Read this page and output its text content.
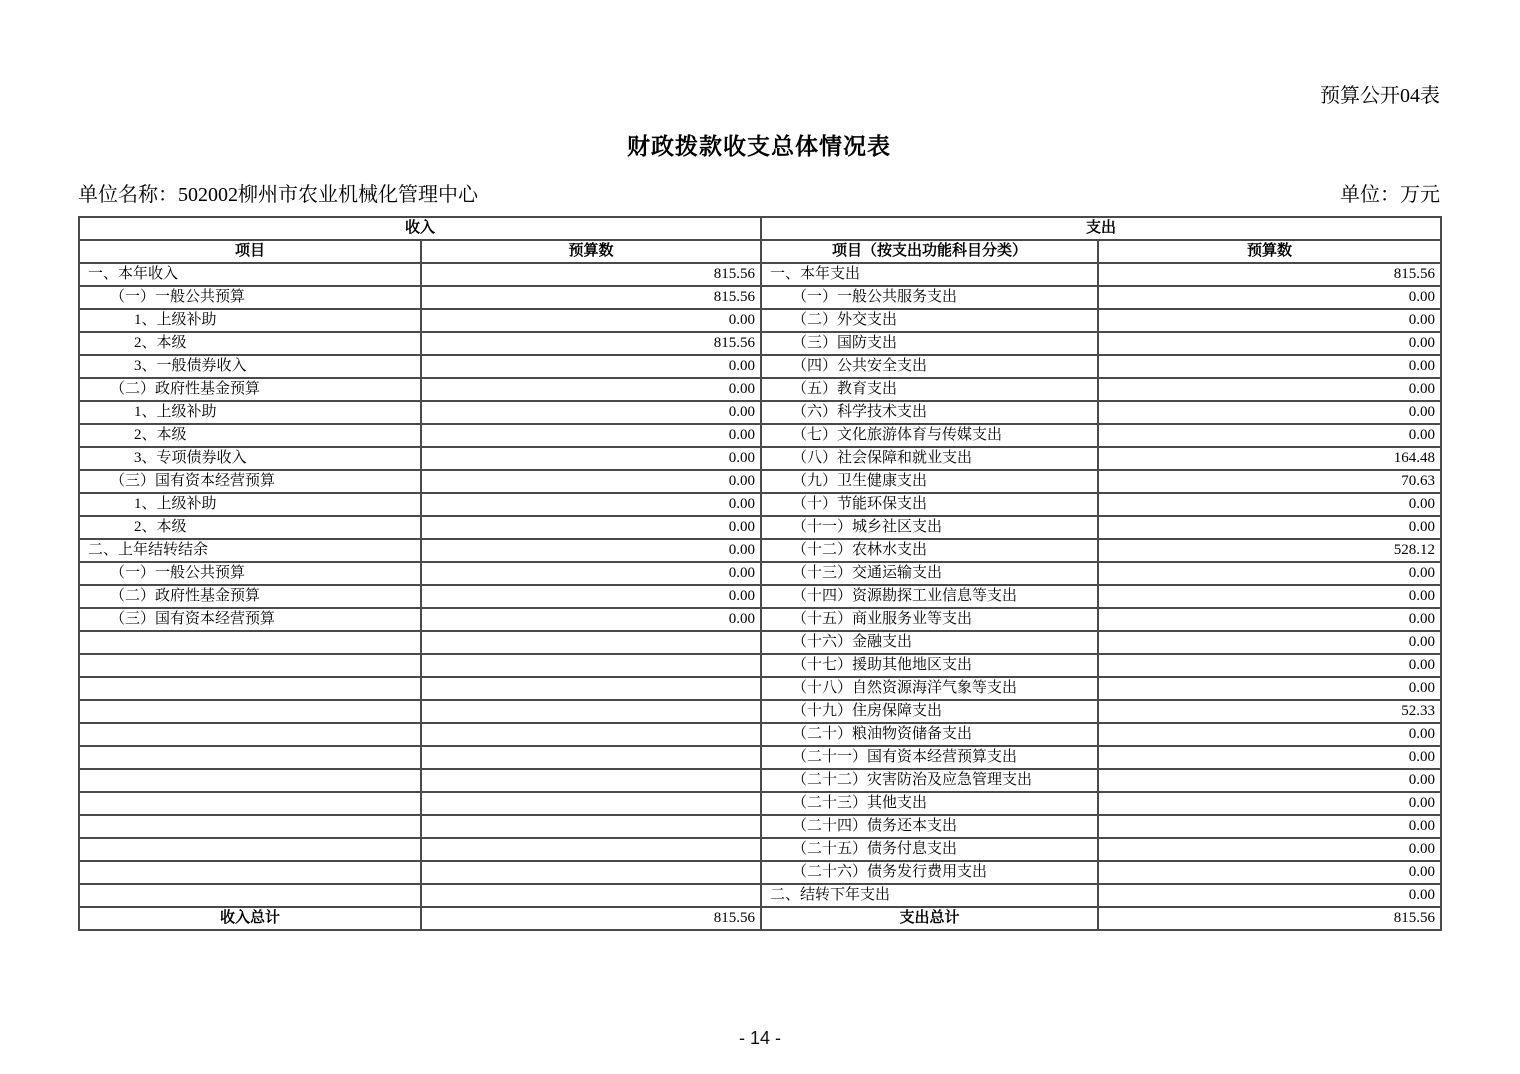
预算公开04表
财政拨款收支总体情况表
单位名称：502002柳州市农业机械化管理中心	单位：万元
收入		支出	
项目	预算数	项目（按支出功能科目分类）	预算数
一、本年收入	815.56	一、本年支出	815.56
（一）一般公共预算	815.56	（一）一般公共服务支出	0.00
1、上级补助	0.00	（二）外交支出	0.00
2、本级	815.56	（三）国防支出	0.00
3、一般债券收入	0.00	（四）公共安全支出	0.00
（二）政府性基金预算	0.00	（五）教育支出	0.00
1、上级补助	0.00	（六）科学技术支出	0.00
2、本级	0.00	（七）文化旅游体育与传媒支出	0.00
3、专项债券收入	0.00	（八）社会保障和就业支出	164.48
（三）国有资本经营预算	0.00	（九）卫生健康支出	70.63
1、上级补助	0.00	（十）节能环保支出	0.00
2、本级	0.00	（十一）城乡社区支出	0.00
二、上年结转结余	0.00	（十二）农林水支出	528.12
（一）一般公共预算	0.00	（十三）交通运输支出	0.00
（二）政府性基金预算	0.00	（十四）资源勘探工业信息等支出	0.00
（三）国有资本经营预算	0.00	（十五）商业服务业等支出	0.00
		（十六）金融支出	0.00
		（十七）援助其他地区支出	0.00
		（十八）自然资源海洋气象等支出	0.00
		（十九）住房保障支出	52.33
		（二十）粮油物资储备支出	0.00
		（二十一）国有资本经营预算支出	0.00
		（二十二）灾害防治及应急管理支出	0.00
		（二十三）其他支出	0.00
		（二十四）债务还本支出	0.00
		（二十五）债务付息支出	0.00
		（二十六）债务发行费用支出	0.00
		二、结转下年支出	0.00
收入总计	815.56	支出总计	815.56
- 14 -
